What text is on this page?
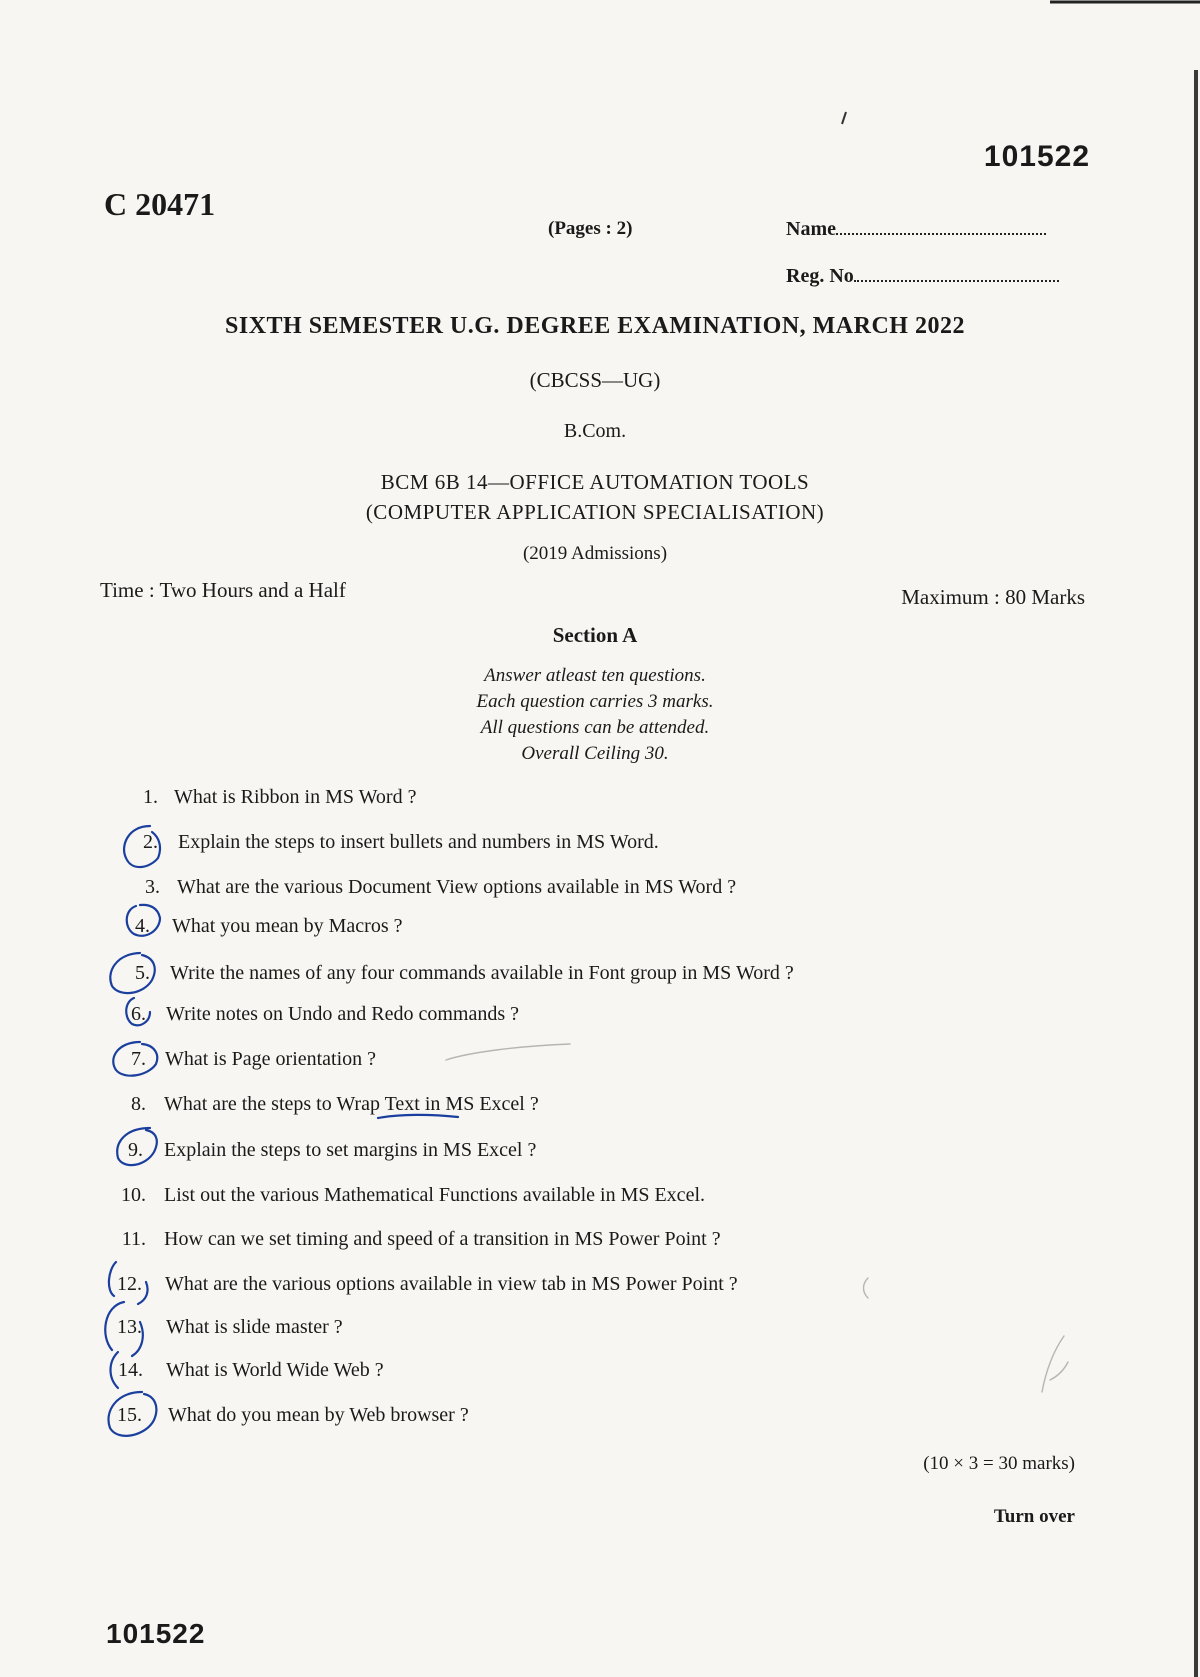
101522
C 20471
(Pages : 2)	Name
Reg. No
SIXTH SEMESTER U.G. DEGREE EXAMINATION, MARCH 2022
(CBCSS—UG)
B.Com.
BCM 6B 14—OFFICE AUTOMATION TOOLS
(COMPUTER APPLICATION SPECIALISATION)
(2019 Admissions)
Time : Two Hours and a Half	Maximum : 80 Marks
Section A
Answer atleast ten questions.
Each question carries 3 marks.
All questions can be attended.
Overall Ceiling 30.
1. What is Ribbon in MS Word ?
2. Explain the steps to insert bullets and numbers in MS Word.
3. What are the various Document View options available in MS Word ?
4. What you mean by Macros ?
5. Write the names of any four commands available in Font group in MS Word ?
6. Write notes on Undo and Redo commands ?
7. What is Page orientation ?
8. What are the steps to Wrap Text in MS Excel ?
9. Explain the steps to set margins in MS Excel ?
10. List out the various Mathematical Functions available in MS Excel.
11. How can we set timing and speed of a transition in MS Power Point ?
12. What are the various options available in view tab in MS Power Point ?
13. What is slide master ?
14. What is World Wide Web ?
15. What do you mean by Web browser ?
(10 × 3 = 30 marks)
Turn over
101522
